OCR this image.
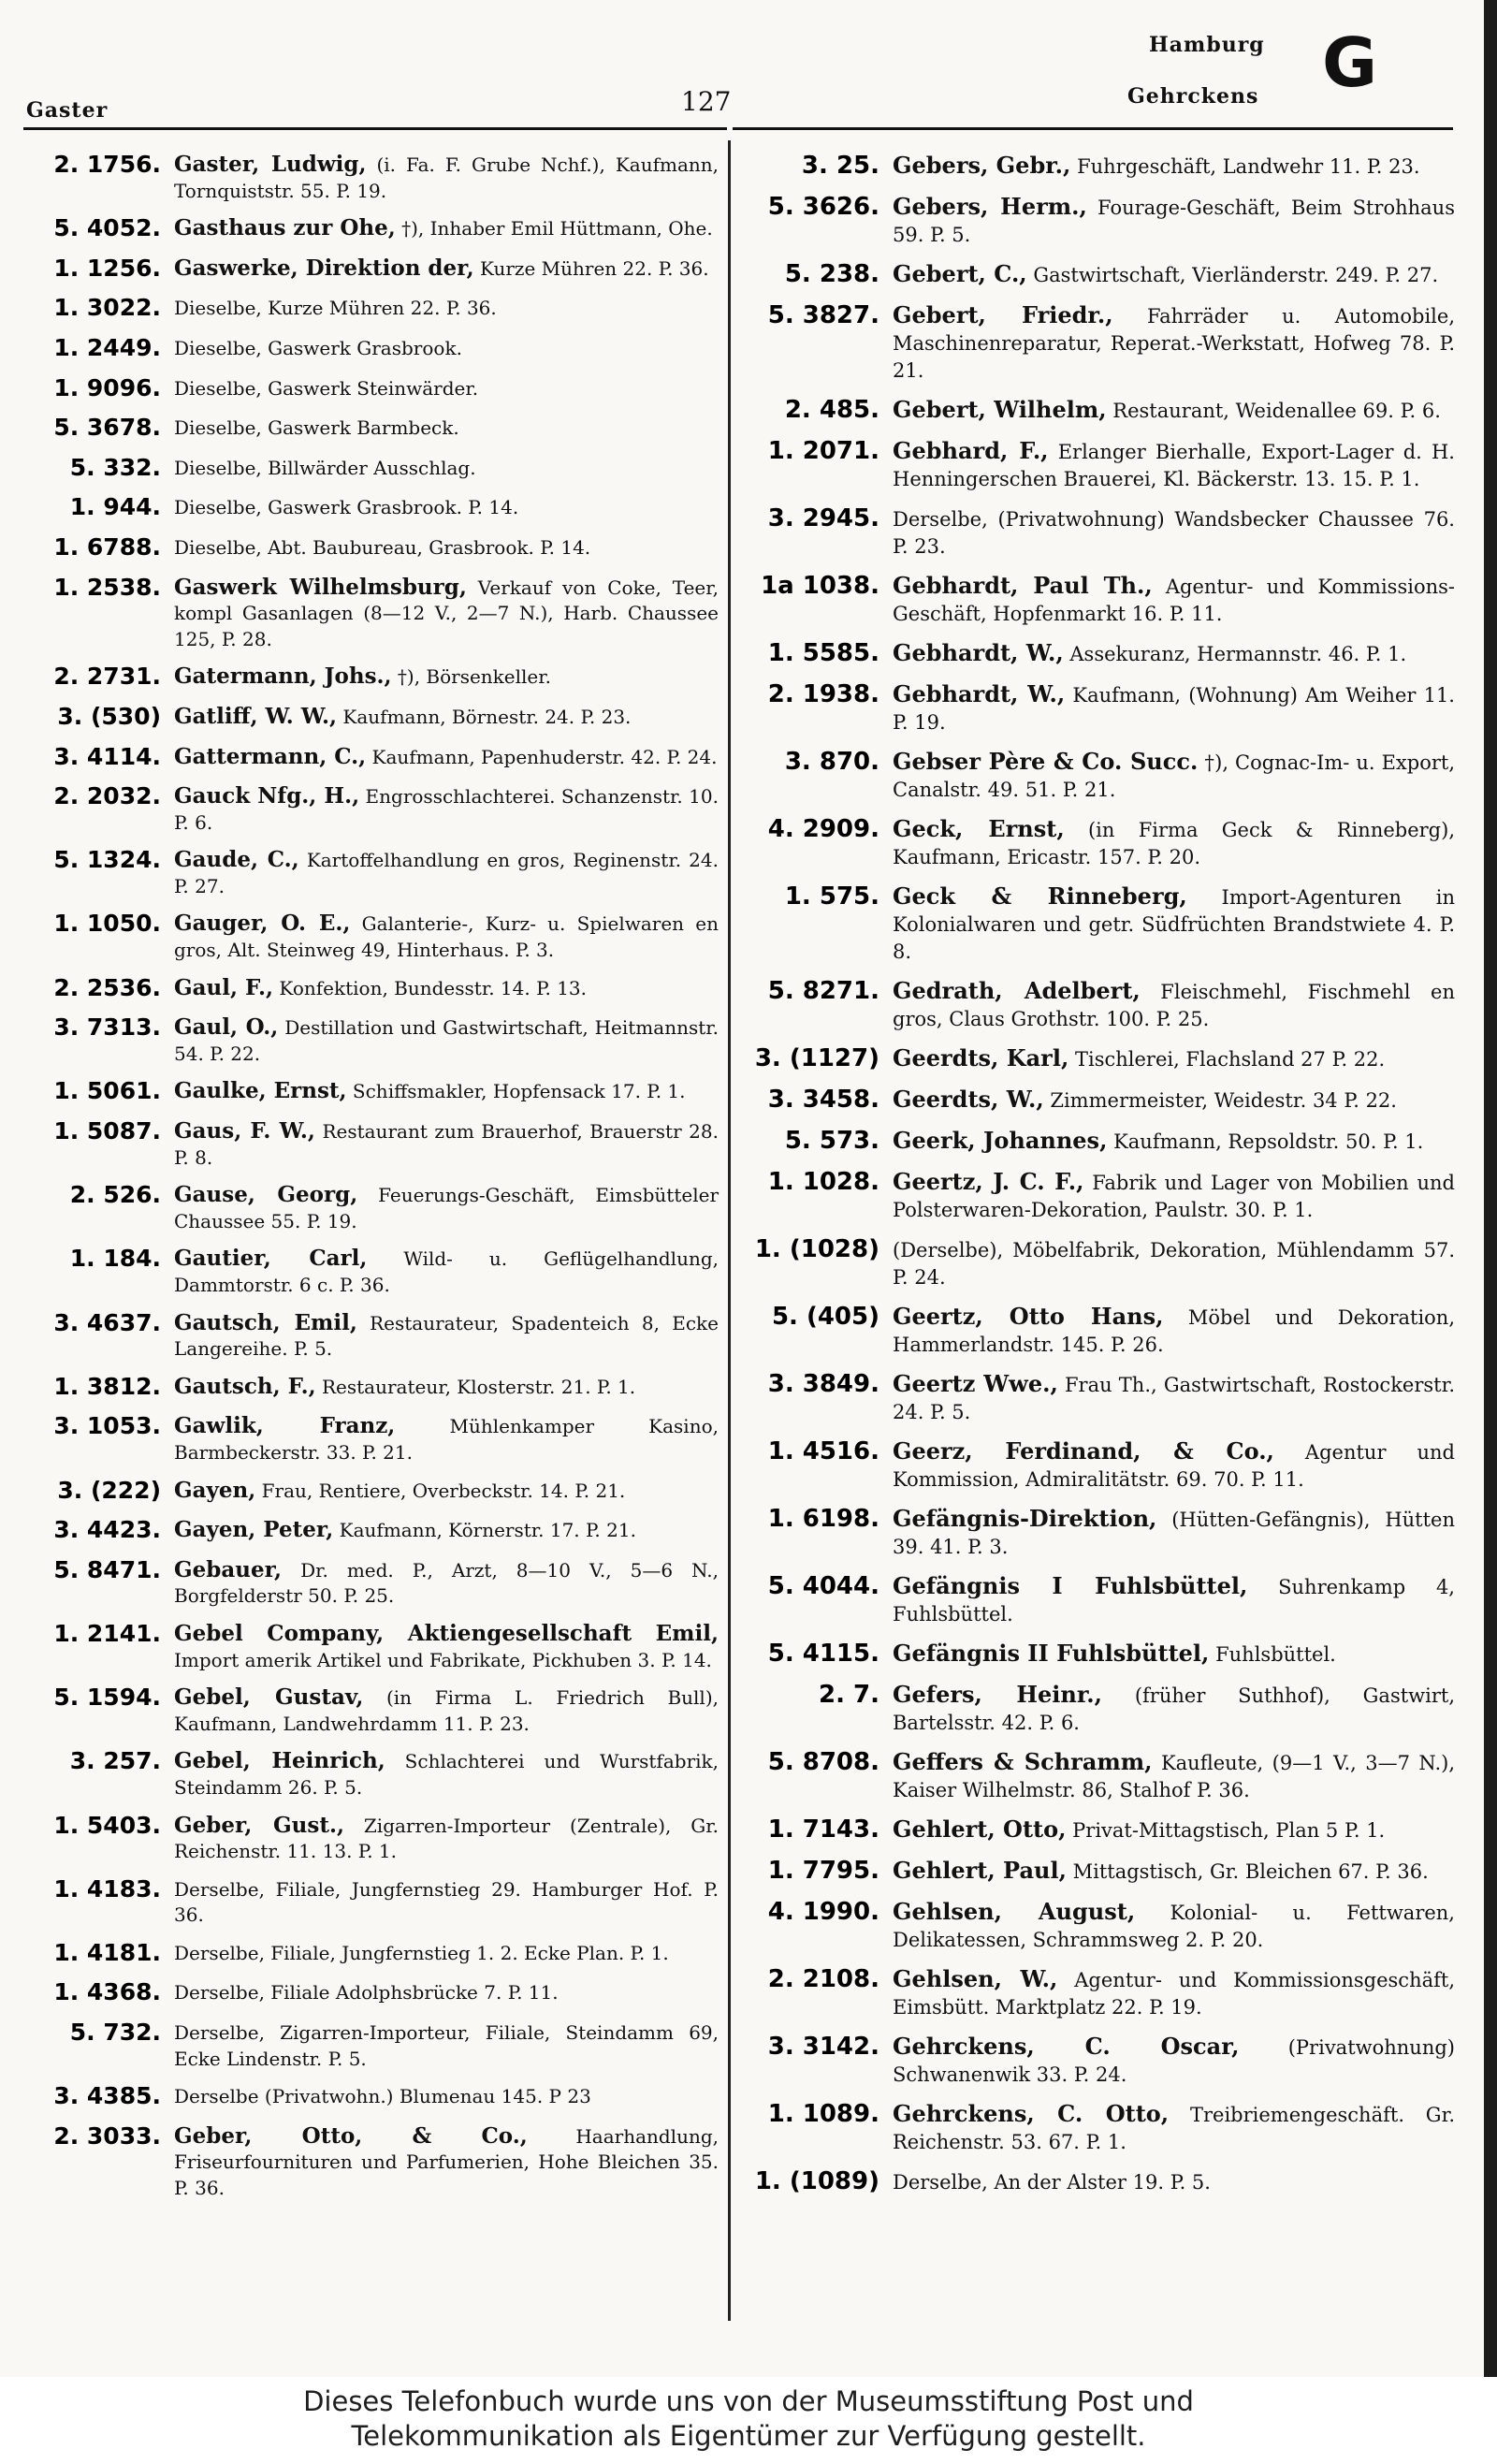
Gaster	127
Hamburg
Gehrckens G
2. 1756. Gaster, Ludwig, (i. Fa. F. Grube Nchf.), Kaufmann, Tornquiststr. 55. P. 19.
5. 4052. Gasthaus zur Ohe, †), Inhaber Emil Hüttmann, Ohe.
1. 1256. Gaswerke, Direktion der, Kurze Mühren 22. P. 36.
1. 3022. Dieselbe, Kurze Mühren 22. P. 36.
1. 2449. Dieselbe, Gaswerk Grasbrook.
1. 9096. Dieselbe, Gaswerk Steinwärder.
5. 3678. Dieselbe, Gaswerk Barmbeck.
5. 332. Dieselbe, Billwärder Ausschlag.
1. 944. Dieselbe, Gaswerk Grasbrook. P. 14.
1. 6788. Dieselbe, Abt. Baubureau, Grasbrook. P. 14.
1. 2538. Gaswerk Wilhelmsburg, Verkauf von Coke, Teer, kompl Gasanlagen (8—12 V., 2—7 N.), Harb. Chaussee 125, P. 28.
2. 2731. Gatermann, Johs., †), Börsenkeller.
3. (530) Gatliff, W. W., Kaufmann, Börnestr. 24. P. 23.
3. 4114. Gattermann, C., Kaufmann, Papenhuderstr. 42. P. 24.
2. 2032. Gauck Nfg., H., Engrosschlachterei. Schanzenstr. 10. P. 6.
5. 1324. Gaude, C., Kartoffelhandlung en gros, Reginenstr. 24. P. 27.
1. 1050. Gauger, O. E., Galanterie-, Kurz- u. Spielwaren en gros, Alt. Steinweg 49, Hinterhaus. P. 3.
2. 2536. Gaul, F., Konfektion, Bundesstr. 14. P. 13.
3. 7313. Gaul, O., Destillation und Gastwirtschaft, Heitmannstr. 54. P. 22.
1. 5061. Gaulke, Ernst, Schiffsmakler, Hopfensack 17. P. 1.
1. 5087. Gaus, F. W., Restaurant zum Brauerhof, Brauerstr 28. P. 8.
2. 526. Gause, Georg, Feuerungs-Geschäft, Eimsbütteler Chaussee 55. P. 19.
1. 184. Gautier, Carl, Wild- u. Geflügelhandlung, Dammtorstr. 6 c. P. 36.
3. 4637. Gautsch, Emil, Restaurateur, Spadenteich 8, Ecke Langereihe. P. 5.
1. 3812. Gautsch, F., Restaurateur, Klosterstr. 21. P. 1.
3. 1053. Gawlik, Franz, Mühlenkamper Kasino, Barmbeckerstr. 33. P. 21.
3. (222) Gayen, Frau, Rentiere, Overbeckstr. 14. P. 21.
3. 4423. Gayen, Peter, Kaufmann, Körnerstr. 17. P. 21.
5. 8471. Gebauer, Dr. med. P., Arzt, 8—10 V., 5—6 N., Borgfelderstr 50. P. 25.
1. 2141. Gebel Company, Aktiengesellschaft Emil, Import amerik Artikel und Fabrikate, Pickhuben 3. P. 14.
5. 1594. Gebel, Gustav, (in Firma L. Friedrich Bull), Kaufmann, Landwehrdamm 11. P. 23.
3. 257. Gebel, Heinrich, Schlachterei und Wurstfabrik, Steindamm 26. P. 5.
1. 5403. Geber, Gust., Zigarren-Importeur (Zentrale), Gr. Reichenstr. 11. 13. P. 1.
1. 4183. Derselbe, Filiale, Jungfernstieg 29. Hamburger Hof. P. 36.
1. 4181. Derselbe, Filiale, Jungfernstieg 1. 2. Ecke Plan. P. 1.
1. 4368. Derselbe, Filiale Adolphsbrücke 7. P. 11.
5. 732. Derselbe, Zigarren-Importeur, Filiale, Steindamm 69, Ecke Lindenstr. P. 5.
3. 4385. Derselbe (Privatwohn.) Blumenau 145. P 23
2. 3033. Geber, Otto, & Co., Haarhandlung, Friseurfournituren und Parfumerien, Hohe Bleichen 35. P. 36.
3. 25. Gebers, Gebr., Fuhrgeschäft, Landwehr 11. P. 23.
5. 3626. Gebers, Herm., Fourage-Geschäft, Beim Strohhaus 59. P. 5.
5. 238. Gebert, C., Gastwirtschaft, Vierländerstr. 249. P. 27.
5. 3827. Gebert, Friedr., Fahrräder u. Automobile, Maschinenreparatur, Reperat.-Werkstatt, Hofweg 78. P. 21.
2. 485. Gebert, Wilhelm, Restaurant, Weidenallee 69. P. 6.
1. 2071. Gebhard, F., Erlanger Bierhalle, Export-Lager d. H. Henningerschen Brauerei, Kl. Bäckerstr. 13. 15. P. 1.
3. 2945. Derselbe, (Privatwohnung) Wandsbecker Chaussee 76. P. 23.
1a 1038. Gebhardt, Paul Th., Agentur- und Kommissions-Geschäft, Hopfenmarkt 16. P. 11.
1. 5585. Gebhardt, W., Assekuranz, Hermannstr. 46. P. 1.
2. 1938. Gebhardt, W., Kaufmann, (Wohnung) Am Weiher 11. P. 19.
3. 870. Gebser Père & Co. Succ. †), Cognac-Im- u. Export, Canalstr. 49. 51. P. 21.
4. 2909. Geck, Ernst, (in Firma Geck & Rinneberg), Kaufmann, Ericastr. 157. P. 20.
1. 575. Geck & Rinneberg, Import-Agenturen in Kolonialwaren und getr. Südfrüchten Brandstwiete 4. P. 8.
5. 8271. Gedrath, Adelbert, Fleischmehl, Fischmehl en gros, Claus Grothstr. 100. P. 25.
3. (1127) Geerdts, Karl, Tischlerei, Flachsland 27 P. 22.
3. 3458. Geerdts, W., Zimmermeister, Weidestr. 34 P. 22.
5. 573. Geerk, Johannes, Kaufmann, Repsoldstr. 50. P. 1.
1. 1028. Geertz, J. C. F., Fabrik und Lager von Mobilien und Polsterwaren-Dekoration, Paulstr. 30. P. 1.
1. (1028) (Derselbe), Möbelfabrik, Dekoration, Mühlendamm 57. P. 24.
5. (405) Geertz, Otto Hans, Möbel und Dekoration, Hammerlandstr. 145. P. 26.
3. 3849. Geertz Wwe., Frau Th., Gastwirtschaft, Rostockerstr. 24. P. 5.
1. 4516. Geerz, Ferdinand, & Co., Agentur und Kommission, Admiralitätstr. 69. 70. P. 11.
1. 6198. Gefängnis-Direktion, (Hütten-Gefängnis), Hütten 39. 41. P. 3.
5. 4044. Gefängnis I Fuhlsbüttel, Suhrenkamp 4, Fuhlsbüttel.
5. 4115. Gefängnis II Fuhlsbüttel, Fuhlsbüttel.
2. 7. Gefers, Heinr., (früher Suthhof), Gastwirt, Bartelsstr. 42. P. 6.
5. 8708. Geffers & Schramm, Kaufleute, (9—1 V., 3—7 N.), Kaiser Wilhelmstr. 86, Stalhof P. 36.
1. 7143. Gehlert, Otto, Privat-Mittagstisch, Plan 5 P. 1.
1. 7795. Gehlert, Paul, Mittagstisch, Gr. Bleichen 67. P. 36.
4. 1990. Gehlsen, August, Kolonial- u. Fettwaren, Delikatessen, Schrammsweg 2. P. 20.
2. 2108. Gehlsen, W., Agentur- und Kommissionsgeschäft, Eimsbütt. Marktplatz 22. P. 19.
3. 3142. Gehrckens, C. Oscar, (Privatwohnung) Schwanenwik 33. P. 24.
1. 1089. Gehrckens, C. Otto, Treibriemengeschäft. Gr. Reichenstr. 53. 67. P. 1.
1. (1089) Derselbe, An der Alster 19. P. 5.
Dieses Telefonbuch wurde uns von der Museumsstiftung Post und
Telekommunikation als Eigentümer zur Verfügung gestellt.
